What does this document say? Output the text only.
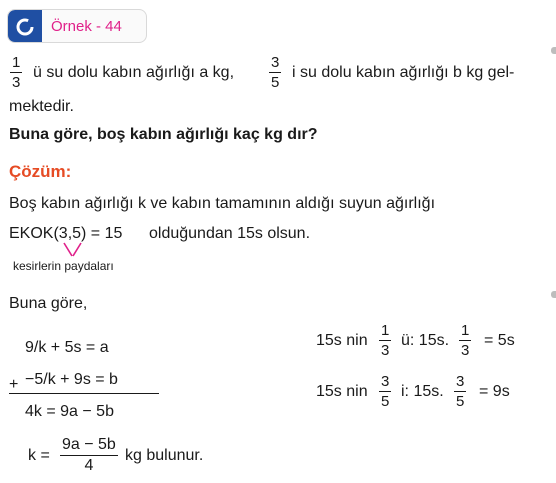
Örnek - 44
1
3
ü su dolu kabın ağırlığı a kg,
3
5
i su dolu kabın ağırlığı b kg gel-
mektedir.
Buna göre, boş kabın ağırlığı kaç kg dır?
Çözüm:
Boş kabın ağırlığı k ve kabın tamamının aldığı suyun ağırlığı
EKOK(3,5) = 15 olduğundan 15s olsun.
kesirlerin paydaları
Buna göre,
9/k + 5s = a
+ −5/k + 9s = b
4k = 9a − 5b
k =
9a − 5b
4
kg bulunur.
15s nin
1
3
ü: 15s.
1
3
= 5s
15s nin
3
5
i: 15s.
3
5
= 9s
